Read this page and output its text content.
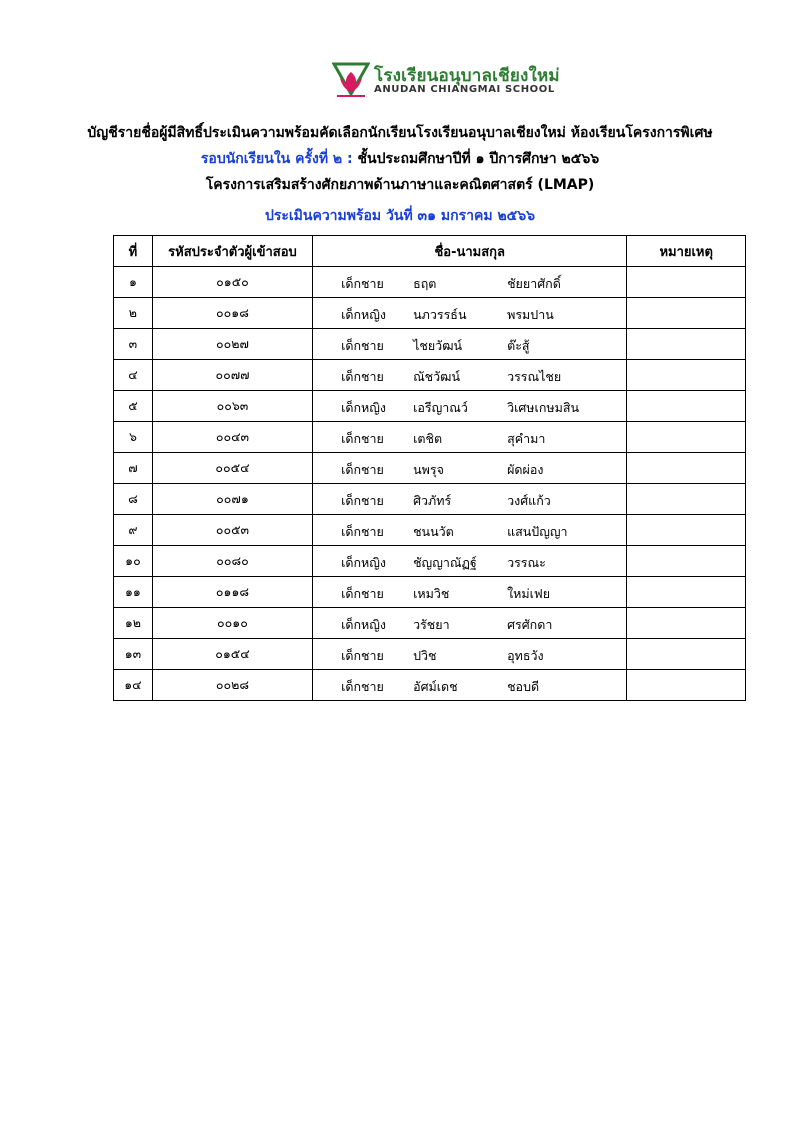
โรงเรียนอนุบาลเชียงใหม่
ANUDAN CHIANGMAI SCHOOL
บัญชีรายชื่อผู้มีสิทธิ์ประเมินความพร้อมคัดเลือกนักเรียนโรงเรียนอนุบาลเชียงใหม่ ห้องเรียนโครงการพิเศษ
รอบนักเรียนใน ครั้งที่ ๒ : ชั้นประถมศึกษาปีที่ ๑ ปีการศึกษา ๒๕๖๖
โครงการเสริมสร้างศักยภาพด้านภาษาและคณิตศาสตร์ (LMAP)
ประเมินความพร้อม วันที่ ๓๑ มกราคม ๒๕๖๖
ที่	รหัสประจำตัวผู้เข้าสอบ	ชื่อ-นามสกุล	หมายเหตุ
๑	๐๑๕๐	เด็กชาย ธฤต ชัยยาศักดิ์	

๒	๐๐๑๘	เด็กหญิง นภวรรธ์น พรมปาน	

๓	๐๐๒๗	เด็กชาย ไชยวัฒน์ ต๊ะสู้	

๔	๐๐๗๗	เด็กชาย ณัชวัฒน์ วรรณไชย	

๕	๐๐๖๓	เด็กหญิง เอรีญาณว์ วิเศษเกษมสิน	

๖	๐๐๔๓	เด็กชาย เตชิต สุคำมา	

๗	๐๐๕๔	เด็กชาย นพรุจ ผัดผ่อง	

๘	๐๐๗๑	เด็กชาย ศิวภัทร์ วงศ์แก้ว	

๙	๐๐๕๓	เด็กชาย ชนนวัต แสนปัญญา	

๑๐	๐๐๘๐	เด็กหญิง ชัญญาณัฏฐ์ วรรณะ	

๑๑	๐๑๑๘	เด็กชาย เหมวิช ใหม่เฟย	

๑๒	๐๐๑๐	เด็กหญิง วรัชยา ศรศักดา	

๑๓	๐๑๕๔	เด็กชาย ปวิช อุทธวัง	

๑๔	๐๐๒๘	เด็กชาย อัศม์เดช ชอบดี	
